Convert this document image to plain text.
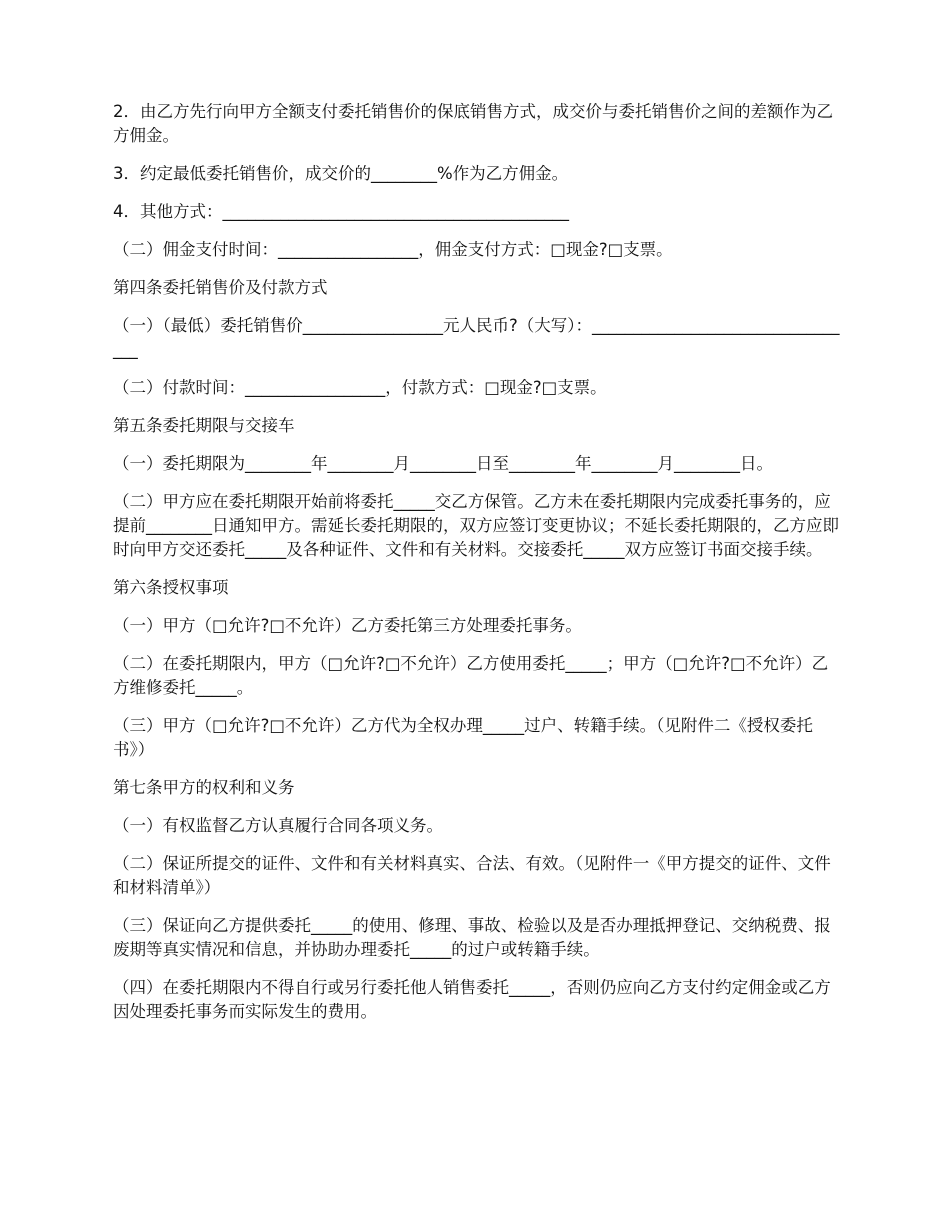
2．由乙方先行向甲方全额支付委托销售价的保底销售方式，成交价与委托销售价之间的差额作为乙方佣金。

3．约定最低委托销售价，成交价的________%作为乙方佣金。

4．其他方式：__________________________________________

（二）佣金支付时间：_________________，佣金支付方式：□现金?□支票。

第四条委托销售价及付款方式

（一）（最低）委托销售价_________________元人民币?（大写）：_________________________________

（二）付款时间：_________________，付款方式：□现金?□支票。

第五条委托期限与交接车

（一）委托期限为________年________月________日至________年________月________日。

（二）甲方应在委托期限开始前将委托_____交乙方保管。乙方未在委托期限内完成委托事务的，应提前________日通知甲方。需延长委托期限的，双方应签订变更协议；不延长委托期限的，乙方应即时向甲方交还委托_____及各种证件、文件和有关材料。交接委托_____双方应签订书面交接手续。

第六条授权事项

（一）甲方（□允许?□不允许）乙方委托第三方处理委托事务。

（二）在委托期限内，甲方（□允许?□不允许）乙方使用委托_____；甲方（□允许?□不允许）乙方维修委托_____。

（三）甲方（□允许?□不允许）乙方代为全权办理_____过户、转籍手续。（见附件二《授权委托书》）

第七条甲方的权利和义务

（一）有权监督乙方认真履行合同各项义务。

（二）保证所提交的证件、文件和有关材料真实、合法、有效。（见附件一《甲方提交的证件、文件和材料清单》）

（三）保证向乙方提供委托_____的使用、修理、事故、检验以及是否办理抵押登记、交纳税费、报废期等真实情况和信息，并协助办理委托_____的过户或转籍手续。

（四）在委托期限内不得自行或另行委托他人销售委托_____，否则仍应向乙方支付约定佣金或乙方因处理委托事务而实际发生的费用。
